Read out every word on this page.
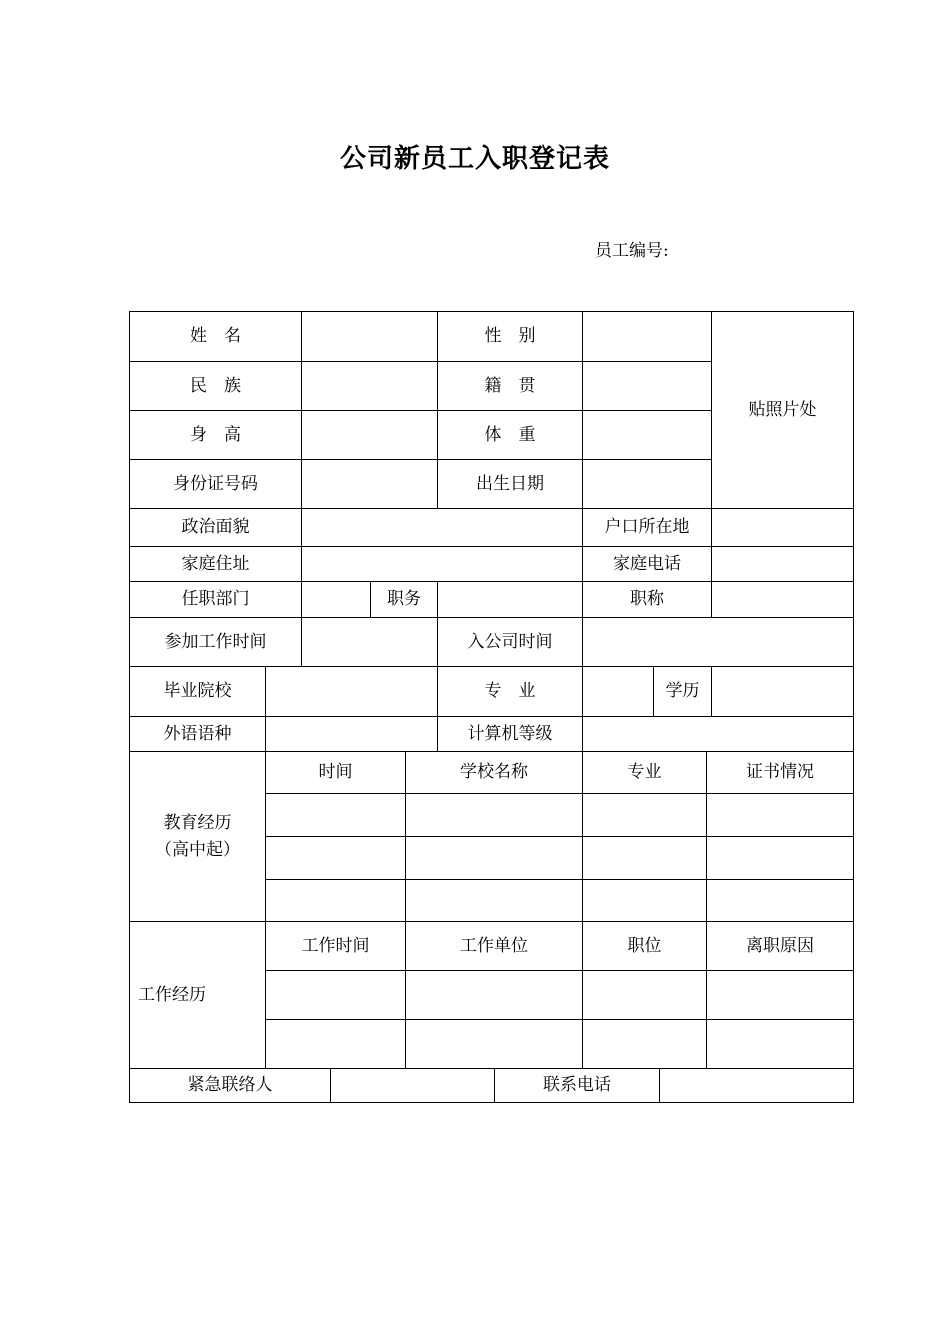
公司新员工入职登记表
员工编号:
姓　名	性　别
贴照片处
民　族	籍　贯
身　高	体　重
身份证号码	出生日期
政治面貌	户口所在地
家庭住址	家庭电话
任职部门	职务	职称
参加工作时间	入公司时间
毕业院校	专　业	学历
外语语种	计算机等级
教育经历
（高中起）
时间	学校名称	专业	证书情况
工作经历
工作时间	工作单位	职位	离职原因
紧急联络人	联系电话
